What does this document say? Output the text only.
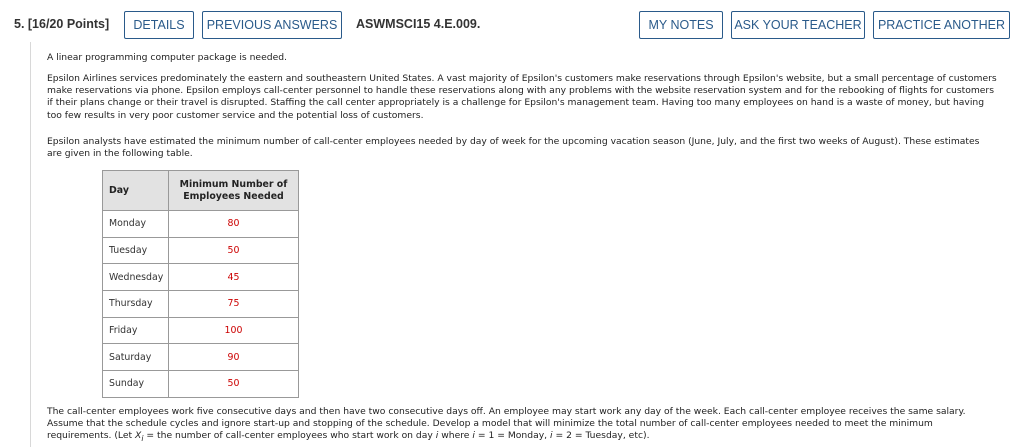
5. [16/20 Points]	DETAILS	PREVIOUS ANSWERS	ASWMSCI15 4.E.009.	MY NOTES	ASK YOUR TEACHER	PRACTICE ANOTHER

A linear programming computer package is needed.

Epsilon Airlines services predominately the eastern and southeastern United States. A vast majority of Epsilon's customers make reservations through Epsilon's website, but a small percentage of customers make reservations via phone. Epsilon employs call-center personnel to handle these reservations along with any problems with the website reservation system and for the rebooking of flights for customers if their plans change or their travel is disrupted. Staffing the call center appropriately is a challenge for Epsilon's management team. Having too many employees on hand is a waste of money, but having too few results in very poor customer service and the potential loss of customers.

Epsilon analysts have estimated the minimum number of call-center employees needed by day of week for the upcoming vacation season (June, July, and the first two weeks of August). These estimates are given in the following table.

Day	Minimum Number of
Employees Needed
Monday	80
Tuesday	50
Wednesday	45
Thursday	75
Friday	100
Saturday	90
Sunday	50

The call-center employees work five consecutive days and then have two consecutive days off. An employee may start work any day of the week. Each call-center employee receives the same salary. Assume that the schedule cycles and ignore start-up and stopping of the schedule. Develop a model that will minimize the total number of call-center employees needed to meet the minimum requirements. (Let $X_i$ = the number of call-center employees who start work on day i where i = 1 = Monday, i = 2 = Tuesday, etc).
